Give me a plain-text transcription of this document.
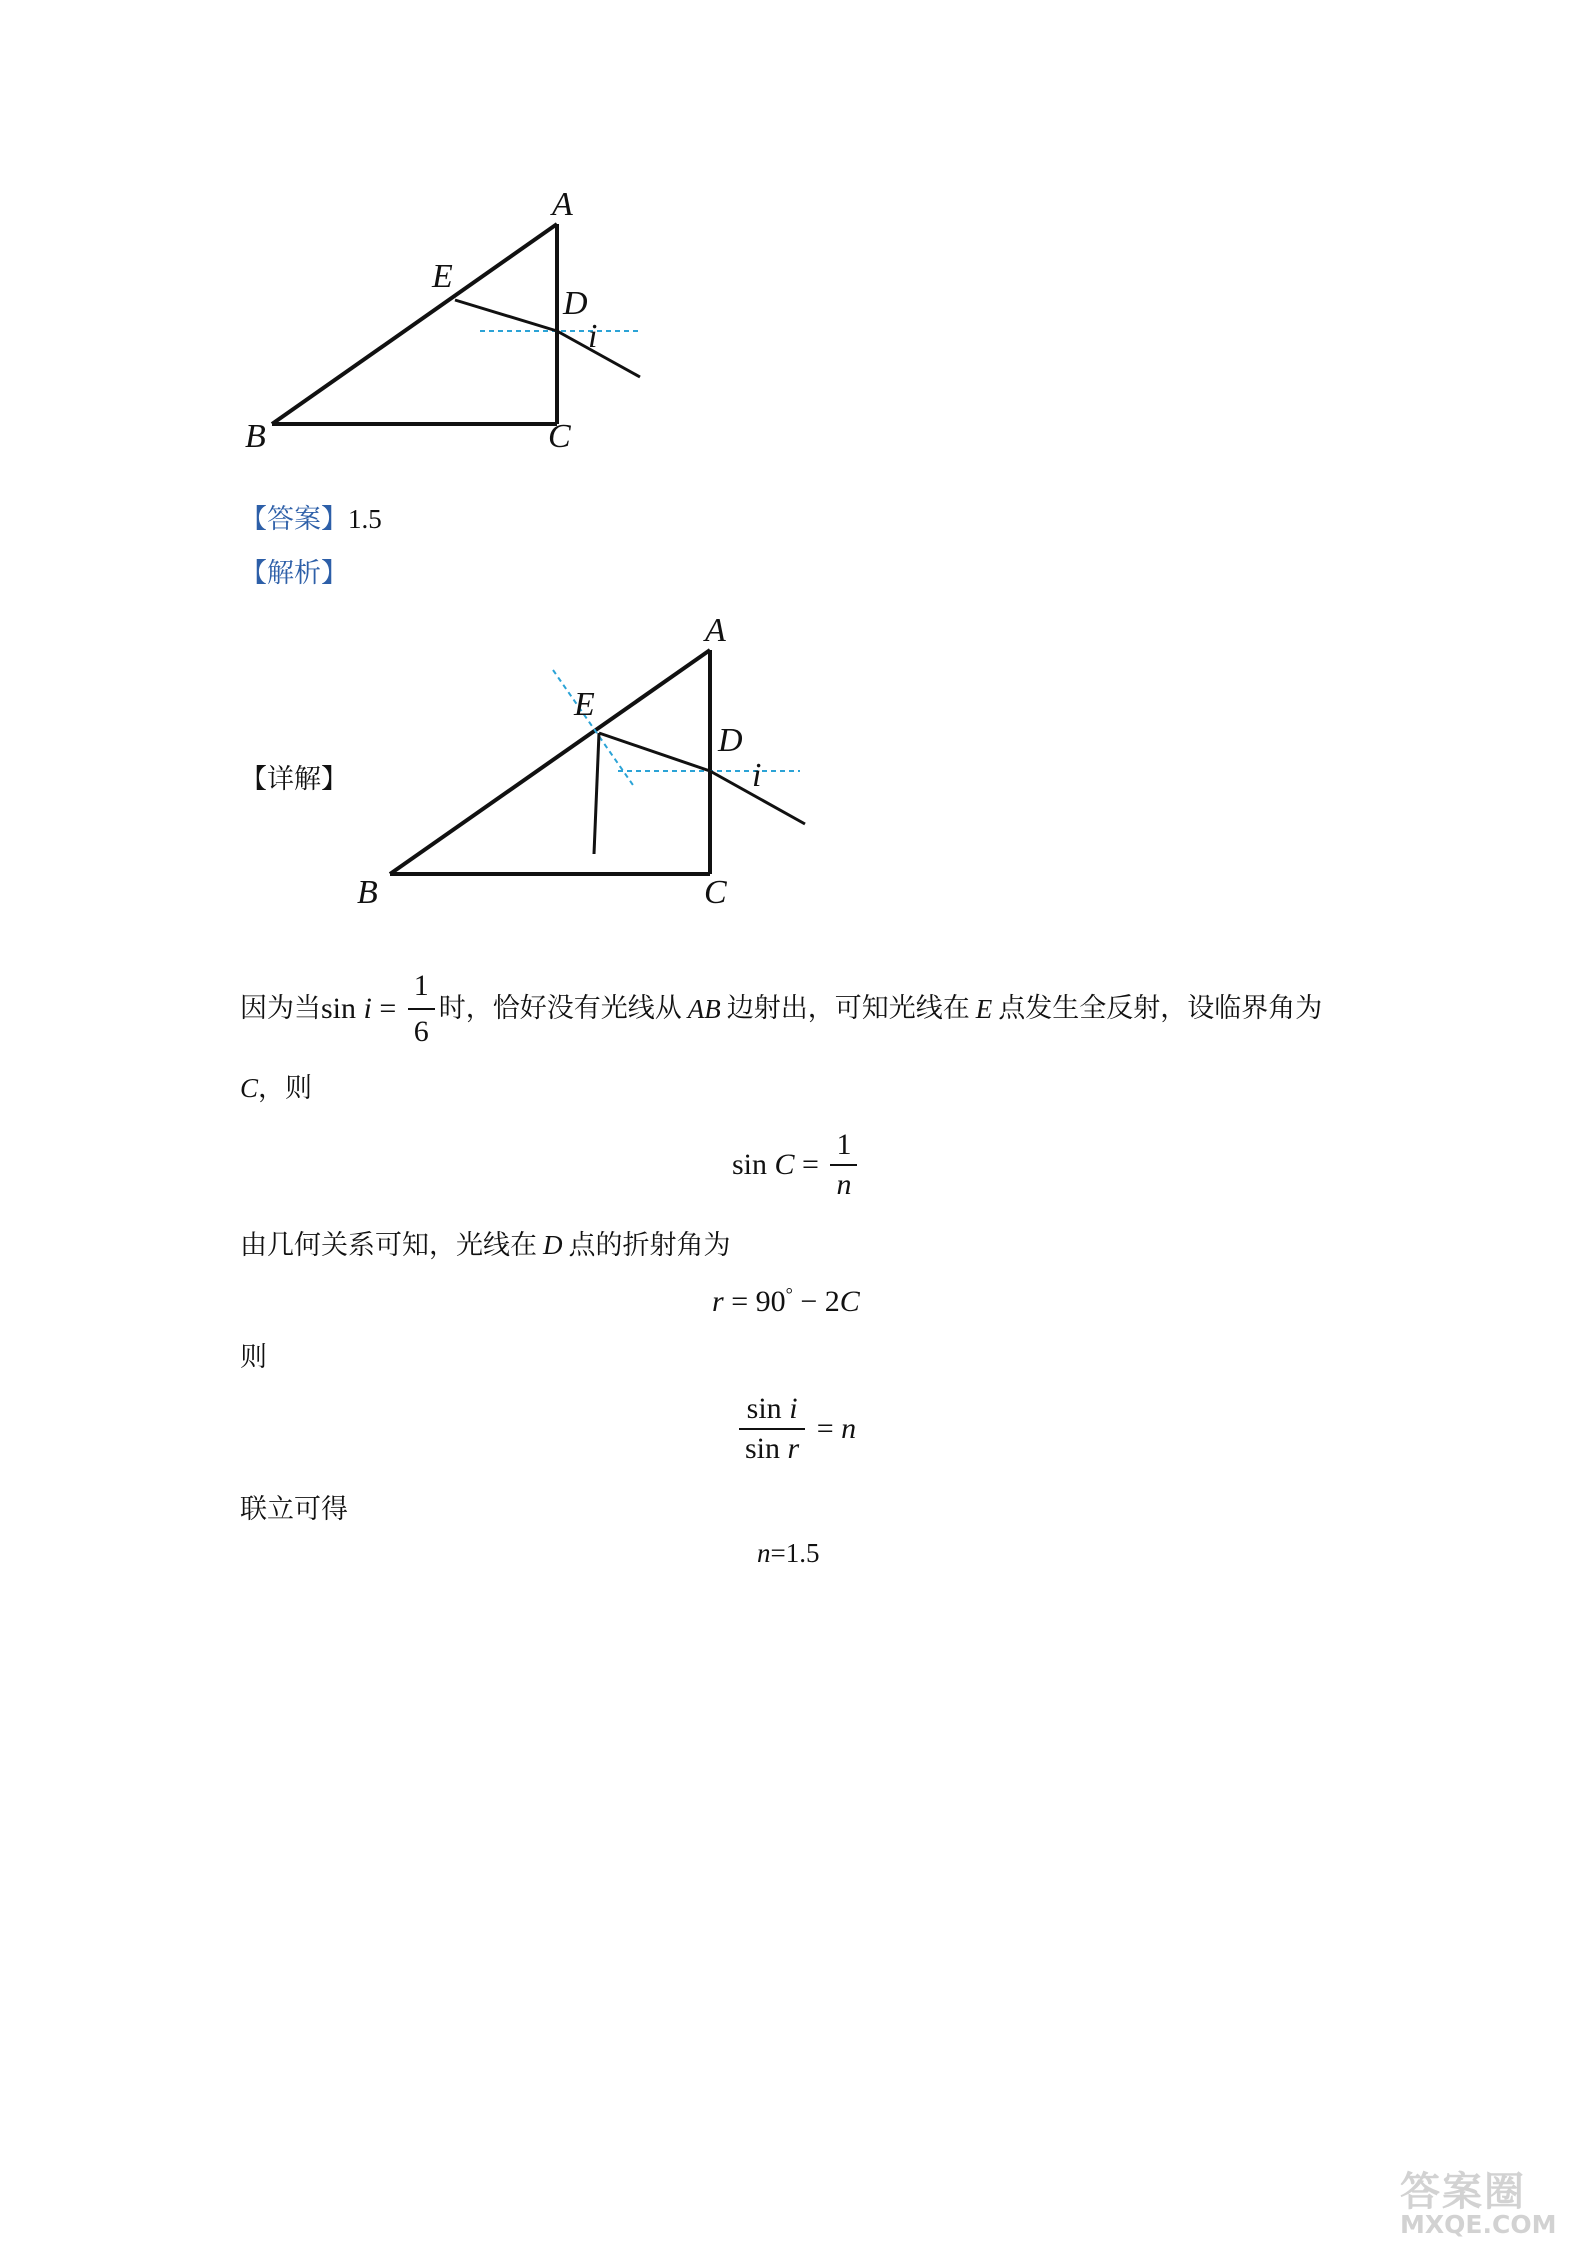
A
E
D
i
B	C
【答案】1.5
【解析】
【详解】
A
E
D
i
B	C
因为当$\sin i = \frac{1}{6}$ 时，恰好没有光线从 AB 边射出，可知光线在 E 点发生全反射，设临界角为
C，则
$\sin C = \frac{1}{n}$
由几何关系可知，光线在 D 点的折射角为
r = 90° − 2C
则
$\frac{\text{sin i}}{\text{sin r}} = n$
联立可得
n=1.5
答案圈
MXQE.COM
